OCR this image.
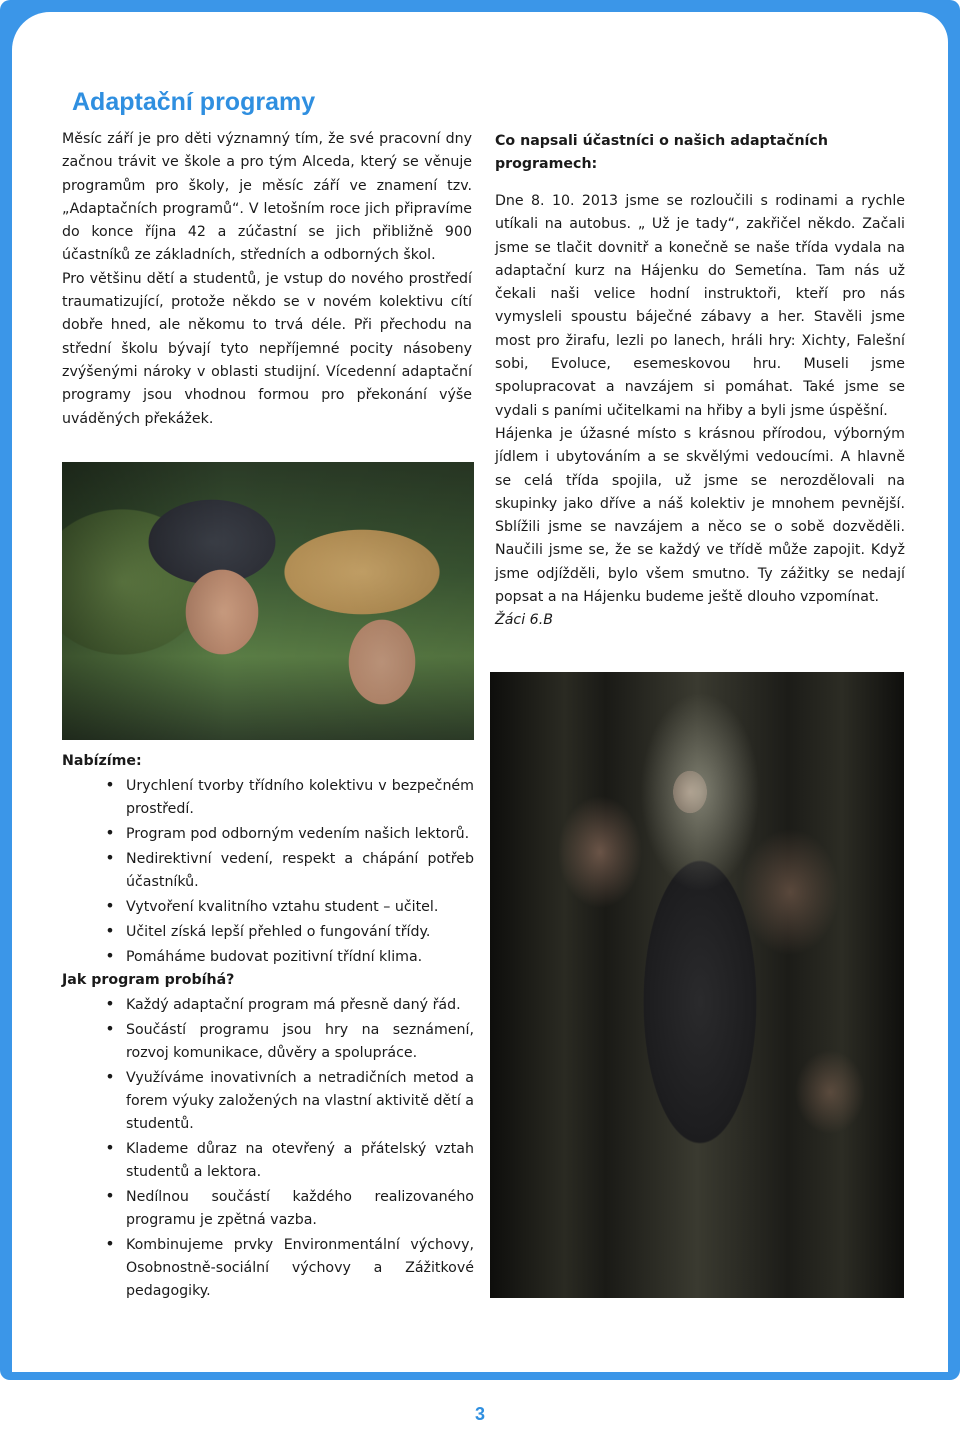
Aktuality
Adaptační programy

Měsíc září je pro děti významný tím, že své pracovní dny začnou trávit ve škole a pro tým Alceda, který se věnuje programům pro školy, je měsíc září ve znamení tzv. „Adaptačních programů“. V letošním roce jich připravíme do konce října 42 a zúčastní se jich přibližně 900 účastníků ze základních, středních a odborných škol.

Pro většinu dětí a studentů, je vstup do nového prostředí traumatizující, protože někdo se v novém kolektivu cítí dobře hned, ale někomu to trvá déle. Při přechodu na střední školu bývají tyto nepříjemné pocity násobeny zvýšenými nároky v oblasti studijní. Vícedenní adaptační programy jsou vhodnou formou pro překonání výše uváděných překážek.

Co napsali účastníci o našich adaptačních programech:

Dne 8. 10. 2013 jsme se rozloučili s rodinami a rychle utíkali na autobus. „ Už je tady“, zakřičel někdo. Začali jsme se tlačit dovnitř a konečně se naše třída vydala na adaptační kurz na Hájenku do Semetína. Tam nás už čekali naši velice hodní instruktoři, kteří pro nás vymysleli spoustu báječné zábavy a her. Stavěli jsme most pro žirafu, lezli po lanech, hráli hry: Xichty, Falešní sobi, Evoluce, esemeskovou hru. Museli jsme spolupracovat a navzájem si pomáhat. Také jsme se vydali s paními učitelkami na hřiby a byli jsme úspěšní.

Hájenka je úžasné místo s krásnou přírodou, výborným jídlem i ubytováním a se skvělými vedoucími. A hlavně se celá třída spojila, už jsme se nerozdělovali na skupinky jako dříve a náš kolektiv je mnohem pevnější. Sblížili jsme se navzájem a něco se o sobě dozvěděli. Naučili jsme se, že se každý ve třídě může zapojit. Když jsme odjížděli, bylo všem smutno. Ty zážitky se nedají popsat a na Hájenku budeme ještě dlouho vzpomínat.

Žáci 6.B

Nabízíme:

• Urychlení tvorby třídního kolektivu v bezpečném prostředí.
• Program pod odborným vedením našich lektorů.
• Nedirektivní vedení, respekt a chápání potřeb účastníků.
• Vytvoření kvalitního vztahu student – učitel.
• Učitel získá lepší přehled o fungování třídy.
• Pomáháme budovat pozitivní třídní klima.

Jak program probíhá?

• Každý adaptační program má přesně daný řád.
• Součástí programu jsou hry na seznámení, rozvoj komunikace, důvěry a spolupráce.
• Využíváme inovativních a netradičních metod a forem výuky založených na vlastní aktivitě dětí a studentů.
• Klademe důraz na otevřený a přátelský vztah studentů a lektora.
• Nedílnou součástí každého realizovaného programu je zpětná vazba.
• Kombinujeme prvky Environmentální výchovy, Osobnostně-sociální výchovy a Zážitkové pedagogiky.

3
